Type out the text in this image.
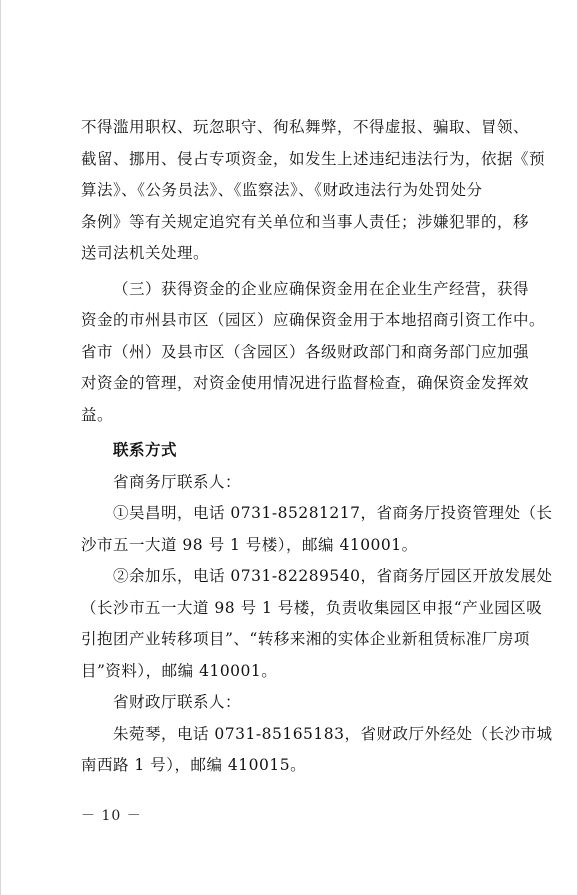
不得滥用职权、玩忽职守、徇私舞弊，不得虚报、骗取、冒领、
截留、挪用、侵占专项资金，如发生上述违纪违法行为，依据《预
算法》、《公务员法》、《监察法》、《财政违法行为处罚处分
条例》等有关规定追究有关单位和当事人责任；涉嫌犯罪的，移
送司法机关处理。
（三）获得资金的企业应确保资金用在企业生产经营，获得
资金的市州县市区（园区）应确保资金用于本地招商引资工作中。
省市（州）及县市区（含园区）各级财政部门和商务部门应加强
对资金的管理，对资金使用情况进行监督检查，确保资金发挥效
益。
联系方式
省商务厅联系人：
①吴昌明，电话 0731-85281217，省商务厅投资管理处（长
沙市五一大道 98 号 1 号楼），邮编 410001。
②余加乐，电话 0731-82289540，省商务厅园区开放发展处
（长沙市五一大道 98 号 1 号楼，负责收集园区申报“产业园区吸
引抱团产业转移项目”、“转移来湘的实体企业新租赁标准厂房项
目”资料），邮编 410001。
省财政厅联系人：
朱菀琴，电话 0731-85165183，省财政厅外经处（长沙市城
南西路 1 号），邮编 410015。
－ 10 －
